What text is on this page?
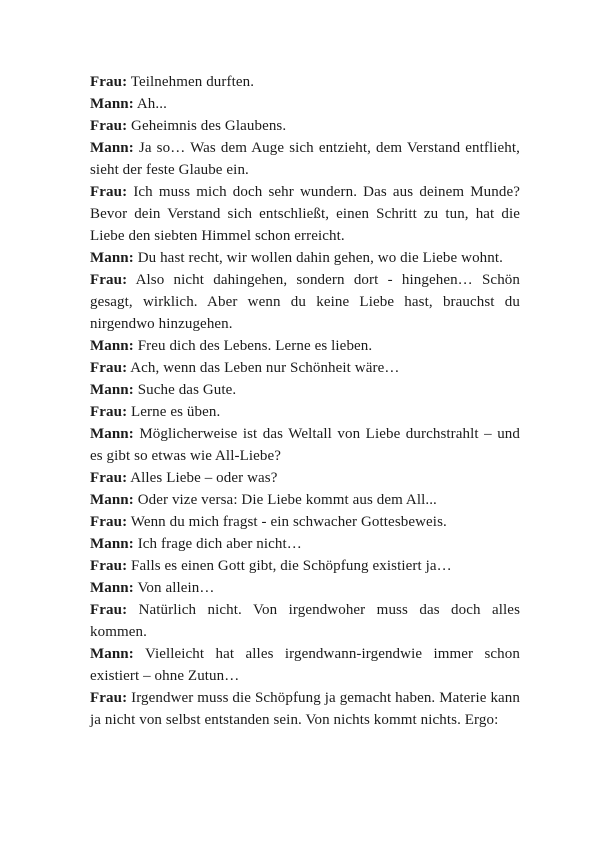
Frau: Teilnehmen durften.

Mann: Ah...

Frau: Geheimnis des Glaubens.

Mann: Ja so… Was dem Auge sich entzieht, dem Verstand entflieht, sieht der feste Glaube ein.

Frau: Ich muss mich doch sehr wundern. Das aus deinem Munde? Bevor dein Verstand sich entschließt, einen Schritt zu tun, hat die Liebe den siebten Himmel schon erreicht.

Mann: Du hast recht, wir wollen dahin gehen, wo die Liebe wohnt.

Frau: Also nicht dahingehen, sondern dort - hingehen… Schön gesagt, wirklich. Aber wenn du keine Liebe hast, brauchst du nirgendwo hinzugehen.

Mann: Freu dich des Lebens. Lerne es lieben.

Frau: Ach, wenn das Leben nur Schönheit wäre…

Mann: Suche das Gute.

Frau: Lerne es üben.

Mann: Möglicherweise ist das Weltall von Liebe durchstrahlt – und es gibt so etwas wie All-Liebe?

Frau: Alles Liebe – oder was?

Mann: Oder vize versa: Die Liebe kommt aus dem All...

Frau: Wenn du mich fragst - ein schwacher Gottesbeweis.

Mann: Ich frage dich aber nicht…

Frau: Falls es einen Gott gibt, die Schöpfung existiert ja…

Mann: Von allein…

Frau: Natürlich nicht. Von irgendwoher muss das doch alles kommen.

Mann: Vielleicht hat alles irgendwann-irgendwie immer schon existiert – ohne Zutun…

Frau: Irgendwer muss die Schöpfung ja gemacht haben. Materie kann ja nicht von selbst entstanden sein. Von nichts kommt nichts. Ergo:
